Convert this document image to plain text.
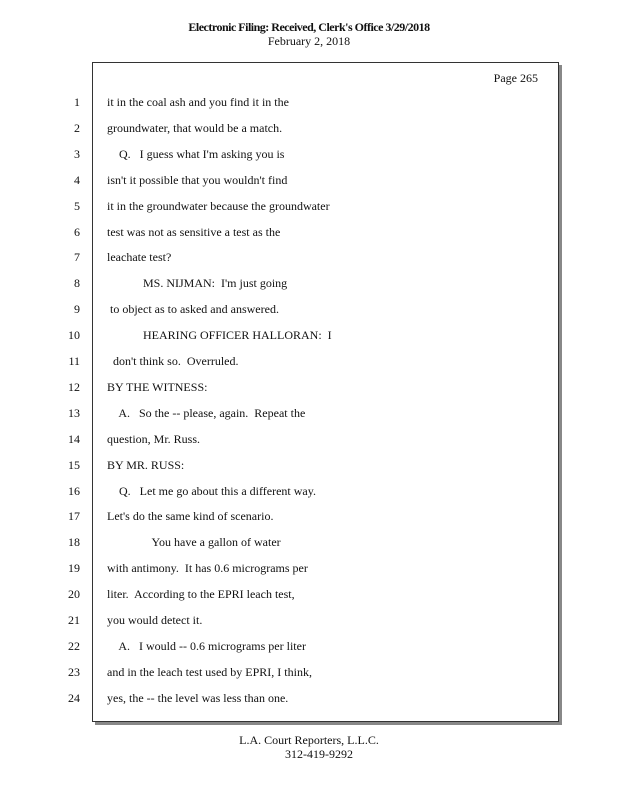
Electronic Filing: Received, Clerk's Office 3/29/2018
February 2, 2018
Page 265
1 it in the coal ash and you find it in the
2 groundwater, that would be a match.
3 Q.   I guess what I'm asking you is
4 isn't it possible that you wouldn't find
5 it in the groundwater because the groundwater
6 test was not as sensitive a test as the
7 leachate test?
8 MS. NIJMAN:  I'm just going
9 to object as to asked and answered.
10 HEARING OFFICER HALLORAN:  I
11 don't think so.  Overruled.
12 BY THE WITNESS:
13 A.   So the -- please, again.  Repeat the
14 question, Mr. Russ.
15 BY MR. RUSS:
16 Q.   Let me go about this a different way.
17 Let's do the same kind of scenario.
18 You have a gallon of water
19 with antimony.  It has 0.6 micrograms per
20 liter.  According to the EPRI leach test,
21 you would detect it.
22 A.   I would -- 0.6 micrograms per liter
23 and in the leach test used by EPRI, I think,
24 yes, the -- the level was less than one.
L.A. Court Reporters, L.L.C.
312-419-9292
